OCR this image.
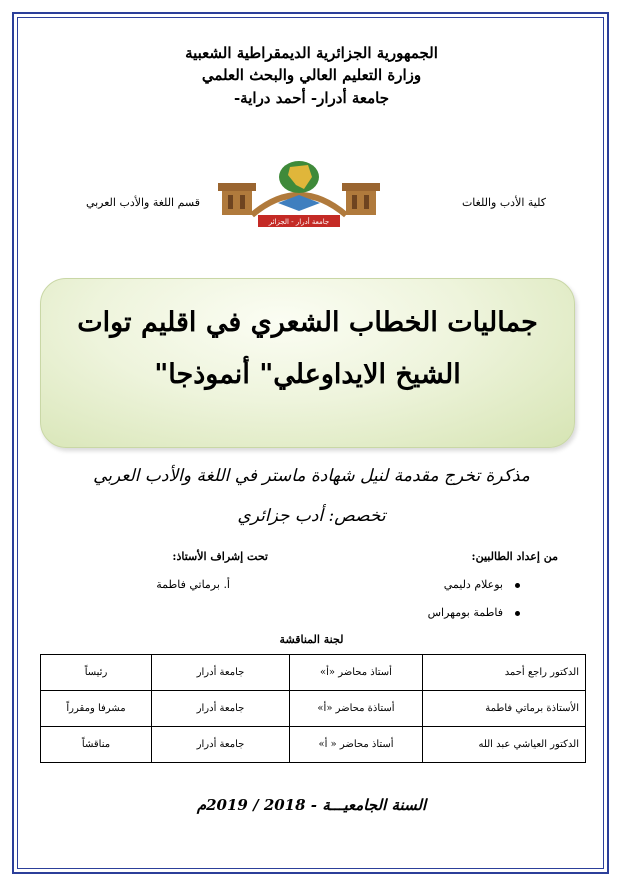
الجمهورية الجزائرية الديمقراطية الشعبية
وزارة التعليم العالي والبحث العلمي
جامعة أدرار- أحمد دراية-
كلية الأدب واللغات
قسم اللغة والأدب العربي
جامعة أدرار - الجزائر
جماليات الخطاب الشعري في اقليم توات
الشيخ الايداوعلي" أنموذجا"
مذكرة تخرج مقدمة لنيل شهادة ماستر في اللغة والأدب العربي
تخصص: أدب جزائري
من إعداد الطالبين:
تحت إشراف الأستاذ:
بوعلام دليمي
فاطمة بومهراس
أ. برماتي فاطمة
لجنة المناقشة
الدكتور راجع أحمد	أستاذ محاضر «أ»	جامعة أدرار	رئيساً
الأستاذة برماتي فاطمة	أستاذة محاضر «أ»	جامعة أدرار	مشرفا ومقرراً
الدكتور العياشي عبد الله	أستاذ محاضر « أ»	جامعة أدرار	مناقشاً
السنة الجامعيـــة - 2018 / 2019م
